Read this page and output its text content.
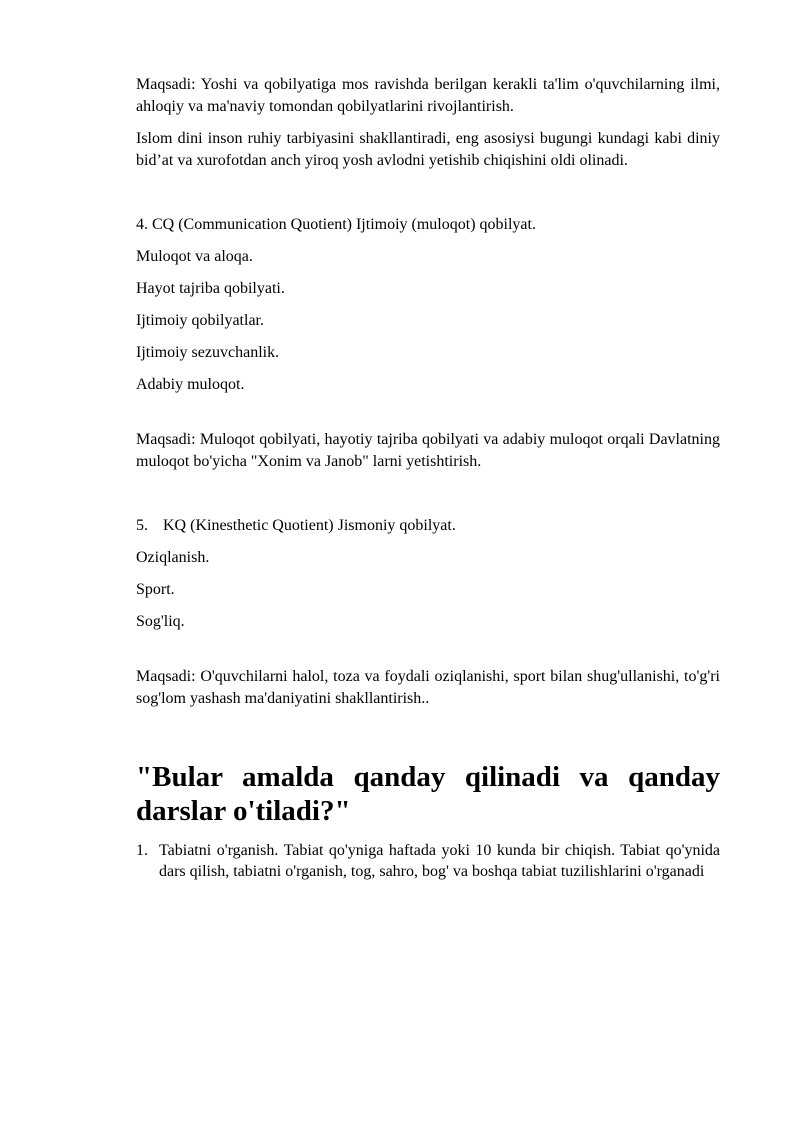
Maqsadi: Yoshi va qobilyatiga mos ravishda berilgan kerakli ta'lim o'quvchilarning ilmi, ahloqiy va ma'naviy tomondan qobilyatlarini rivojlantirish.

Islom dini inson ruhiy tarbiyasini shakllantiradi, eng asosiysi bugungi kundagi kabi diniy bid’at va xurofotdan anch yiroq yosh avlodni yetishib chiqishini oldi olinadi.

4. CQ (Communication Quotient) Ijtimoiy (muloqot) qobilyat.

Muloqot va aloqa.

Hayot tajriba qobilyati.

Ijtimoiy qobilyatlar.

Ijtimoiy sezuvchanlik.

Adabiy muloqot.

Maqsadi: Muloqot qobilyati, hayotiy tajriba qobilyati va adabiy muloqot orqali Davlatning muloqot bo'yicha "Xonim va Janob" larni yetishtirish.

5. KQ (Kinesthetic Quotient) Jismoniy qobilyat.

Oziqlanish.

Sport.

Sog'liq.

Maqsadi: O'quvchilarni halol, toza va foydali oziqlanishi, sport bilan shug'ullanishi, to'g'ri sog'lom yashash ma'daniyatini shakllantirish..

"Bular amalda qanday qilinadi va qanday darslar o'tiladi?"
1. Tabiatni o'rganish. Tabiat qo'yniga haftada yoki 10 kunda bir chiqish. Tabiat qo'ynida dars qilish, tabiatni o'rganish, tog, sahro, bog' va boshqa tabiat tuzilishlarini o'rganadi
